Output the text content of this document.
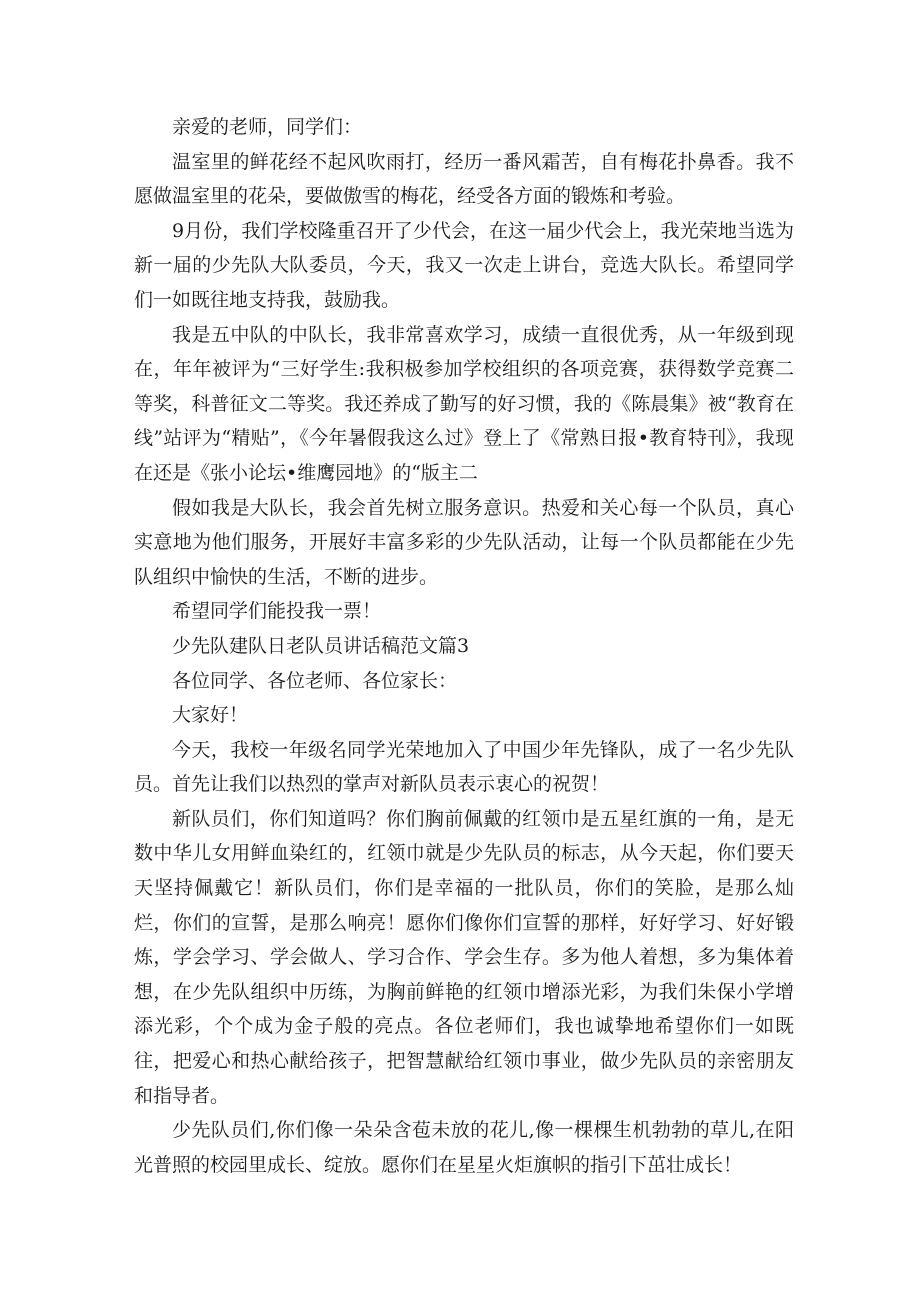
亲爱的老师，同学们：

温室里的鲜花经不起风吹雨打，经历一番风霜苦，自有梅花扑鼻香。我不愿做温室里的花朵，要做傲雪的梅花，经受各方面的锻炼和考验。

9月份，我们学校隆重召开了少代会，在这一届少代会上，我光荣地当选为新一届的少先队大队委员，今天，我又一次走上讲台，竞选大队长。希望同学们一如既往地支持我，鼓励我。

我是五中队的中队长，我非常喜欢学习，成绩一直很优秀，从一年级到现在，年年被评为“三好学生:我积极参加学校组织的各项竞赛，获得数学竞赛二等奖，科普征文二等奖。我还养成了勤写的好习惯，我的《陈晨集》被“教育在线”站评为“精贴”，《今年暑假我这么过》登上了《常熟日报•教育特刊》，我现在还是《张小论坛•维鹰园地》的“版主二

假如我是大队长，我会首先树立服务意识。热爱和关心每一个队员，真心实意地为他们服务，开展好丰富多彩的少先队活动，让每一个队员都能在少先队组织中愉快的生活，不断的进步。

希望同学们能投我一票！

少先队建队日老队员讲话稿范文篇3

各位同学、各位老师、各位家长：

大家好！

今天，我校一年级名同学光荣地加入了中国少年先锋队，成了一名少先队员。首先让我们以热烈的掌声对新队员表示衷心的祝贺！

新队员们，你们知道吗？你们胸前佩戴的红领巾是五星红旗的一角，是无数中华儿女用鲜血染红的，红领巾就是少先队员的标志，从今天起，你们要天天坚持佩戴它！新队员们，你们是幸福的一批队员，你们的笑脸，是那么灿烂，你们的宣誓，是那么响亮！愿你们像你们宣誓的那样，好好学习、好好锻炼，学会学习、学会做人、学习合作、学会生存。多为他人着想，多为集体着想，在少先队组织中历练，为胸前鲜艳的红领巾增添光彩，为我们朱保小学增添光彩，个个成为金子般的亮点。各位老师们，我也诚挚地希望你们一如既往，把爱心和热心献给孩子，把智慧献给红领巾事业，做少先队员的亲密朋友和指导者。

少先队员们,你们像一朵朵含苞未放的花儿,像一棵棵生机勃勃的草儿,在阳光普照的校园里成长、绽放。愿你们在星星火炬旗帜的指引下茁壮成长！
